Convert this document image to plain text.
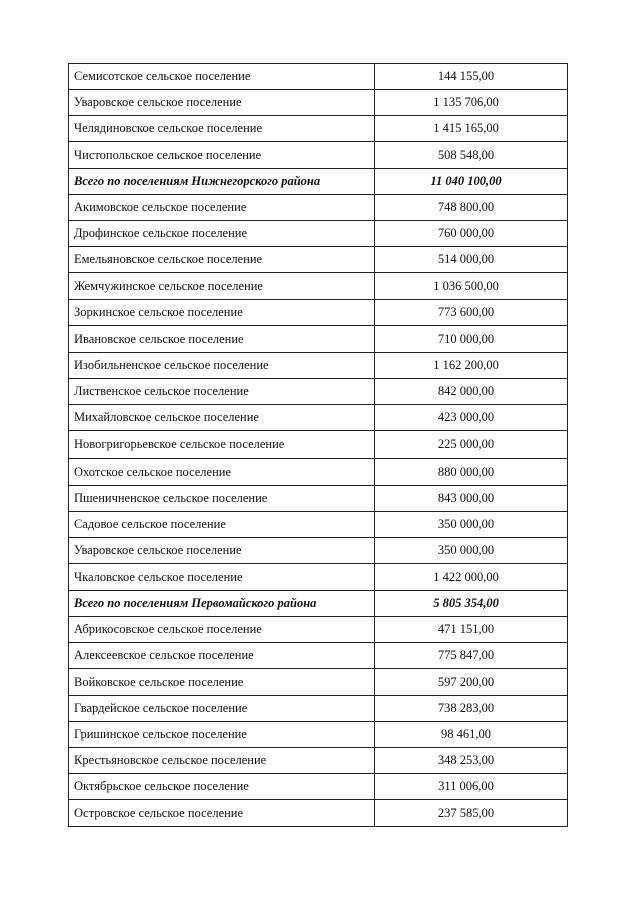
Семисотское сельское поселение	144 155,00
Уваровское сельское поселение	1 135 706,00
Челядиновское сельское поселение	1 415 165,00
Чистопольское сельское поселение	508 548,00
Всего по поселениям Нижнегорского района	11 040 100,00
Акимовское сельское поселение	748 800,00
Дрофинское сельское поселение	760 000,00
Емельяновское сельское поселение	514 000,00
Жемчужинское сельское поселение	1 036 500,00
Зоркинское сельское поселение	773 600,00
Ивановское сельское поселение	710 000,00
Изобильненское сельское поселение	1 162 200,00
Лиственское сельское поселение	842 000,00
Михайловское сельское поселение	423 000,00
Новогригорьевское сельское поселение	225 000,00
Охотское сельское поселение	880 000,00
Пшеничненское сельское поселение	843 000,00
Садовое сельское поселение	350 000,00
Уваровское сельское поселение	350 000,00
Чкаловское сельское поселение	1 422 000,00
Всего по поселениям Первомайского района	5 805 354,00
Абрикосовское сельское поселение	471 151,00
Алексеевское сельское поселение	775 847,00
Войковское сельское поселение	597 200,00
Гвардейское сельское поселение	738 283,00
Гришинское сельское поселение	98 461,00
Крестьяновское сельское поселение	348 253,00
Октябрьское сельское поселение	311 006,00
Островское сельское поселение	237 585,00
